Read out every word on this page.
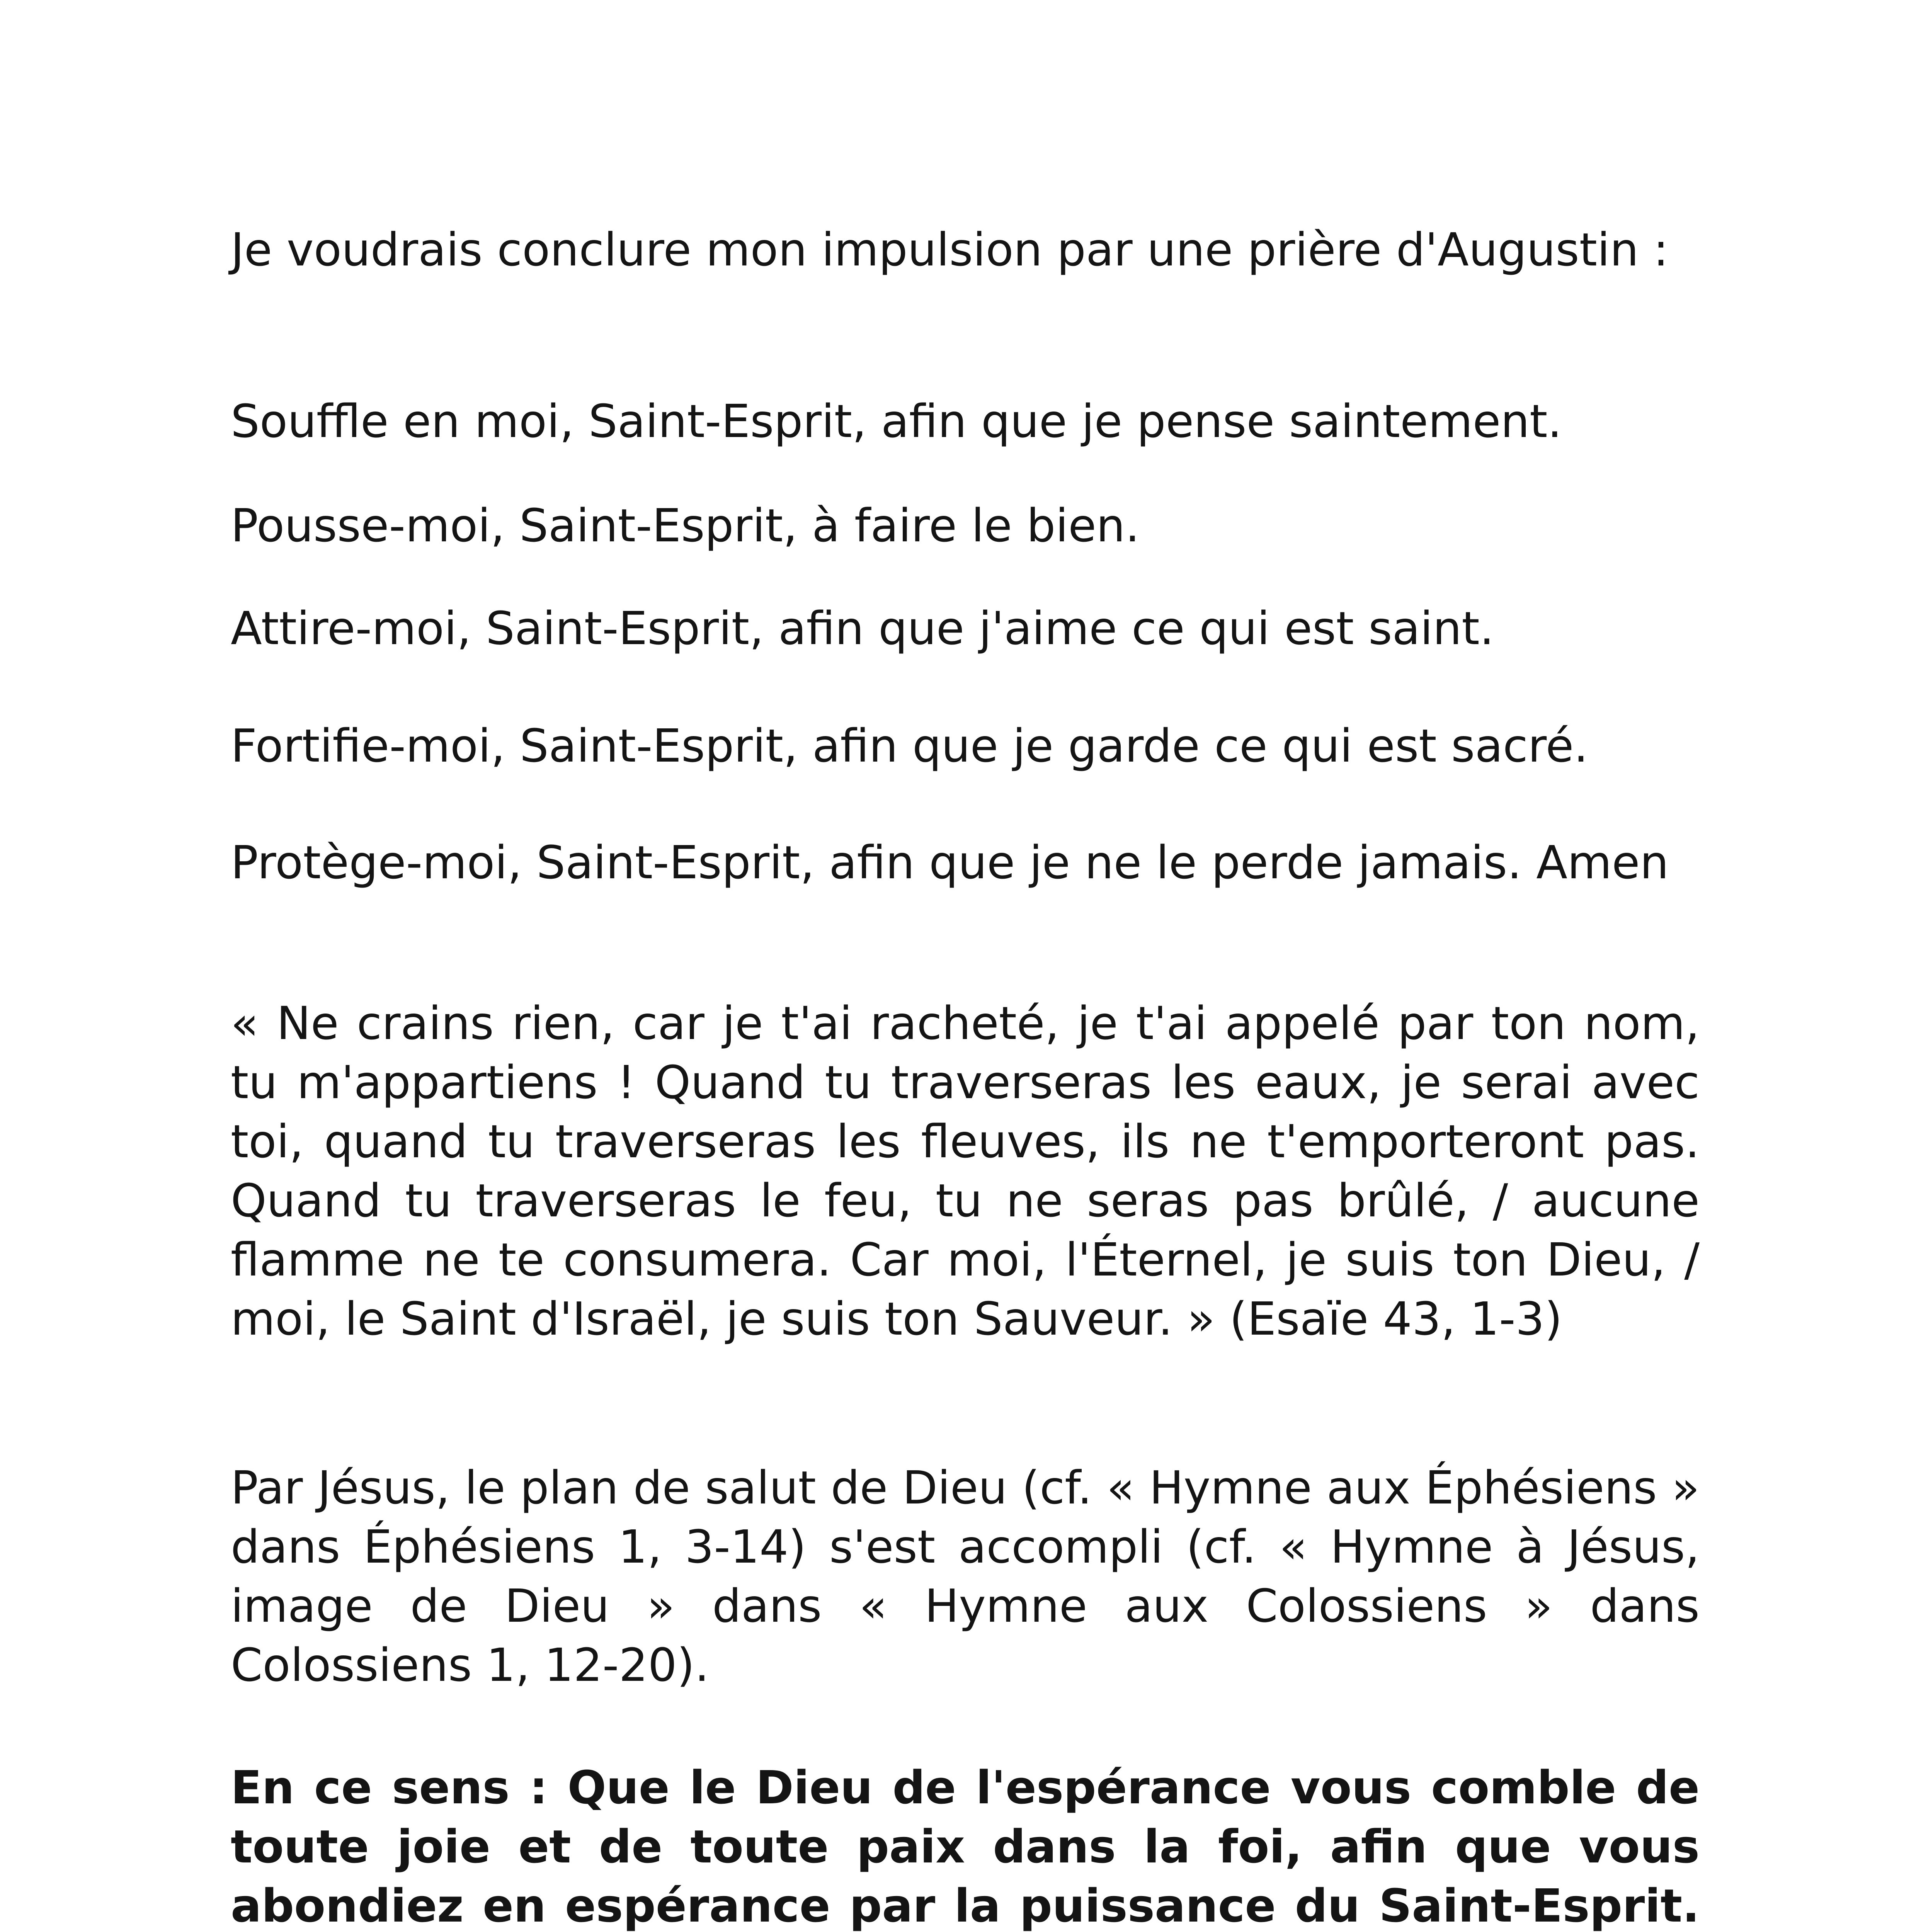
Je voudrais conclure mon impulsion par une prière d'Augustin :

Souffle en moi, Saint-Esprit, afin que je pense saintement.

Pousse-moi, Saint-Esprit, à faire le bien.

Attire-moi, Saint-Esprit, afin que j'aime ce qui est saint.

Fortifie-moi, Saint-Esprit, afin que je garde ce qui est sacré.

Protège-moi, Saint-Esprit, afin que je ne le perde jamais. Amen

« Ne crains rien, car je t'ai racheté, je t'ai appelé par ton nom, tu m'appartiens ! Quand tu traverseras les eaux, je serai avec toi, quand tu traverseras les fleuves, ils ne t'emporteront pas. Quand tu traverseras le feu, tu ne seras pas brûlé, / aucune flamme ne te consumera. Car moi, l'Éternel, je suis ton Dieu, / moi, le Saint d'Israël, je suis ton Sauveur. » (Esaïe 43, 1-3)

Par Jésus, le plan de salut de Dieu (cf. « Hymne aux Éphésiens » dans Éphésiens 1, 3-14) s'est accompli (cf. « Hymne à Jésus, image de Dieu » dans « Hymne aux Colossiens » dans Colossiens 1, 12-20).

En ce sens : Que le Dieu de l'espérance vous comble de toute joie et de toute paix dans la foi, afin que vous abondiez en espérance par la puissance du Saint-Esprit.
